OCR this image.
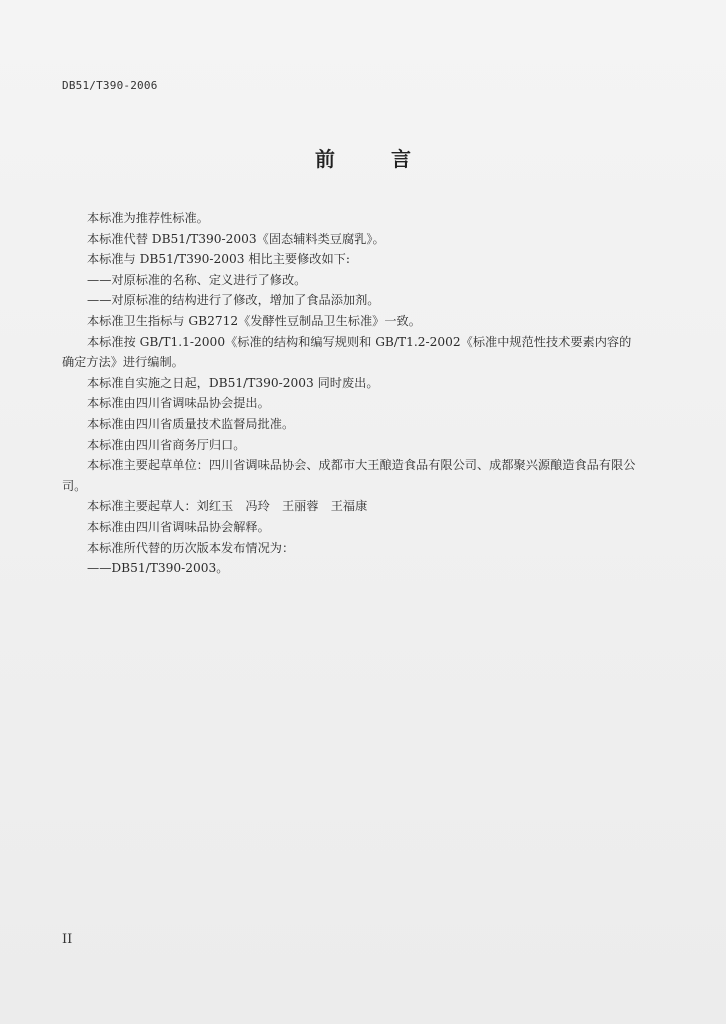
DB51/T390-2006
前	言

本标准为推荐性标准。

本标准代替 DB51/T390-2003《固态辅料类豆腐乳》。

本标准与 DB51/T390-2003 相比主要修改如下:

——对原标准的名称、定义进行了修改。

——对原标准的结构进行了修改，增加了食品添加剂。

本标准卫生指标与 GB2712《发酵性豆制品卫生标准》一致。

本标准按 GB/T1.1-2000《标准的结构和编写规则和 GB/T1.2-2002《标准中规范性技术要素内容的确定方法》进行编制。

本标准自实施之日起，DB51/T390-2003 同时废出。

本标准由四川省调味品协会提出。

本标准由四川省质量技术监督局批准。

本标准由四川省商务厅归口。

本标准主要起草单位：四川省调味品协会、成都市大王酿造食品有限公司、成都聚兴源酿造食品有限公司。

本标准主要起草人：刘红玉　冯玲　王丽蓉　王福康

本标准由四川省调味品协会解释。

本标准所代替的历次版本发布情况为：

——DB51/T390-2003。

II
